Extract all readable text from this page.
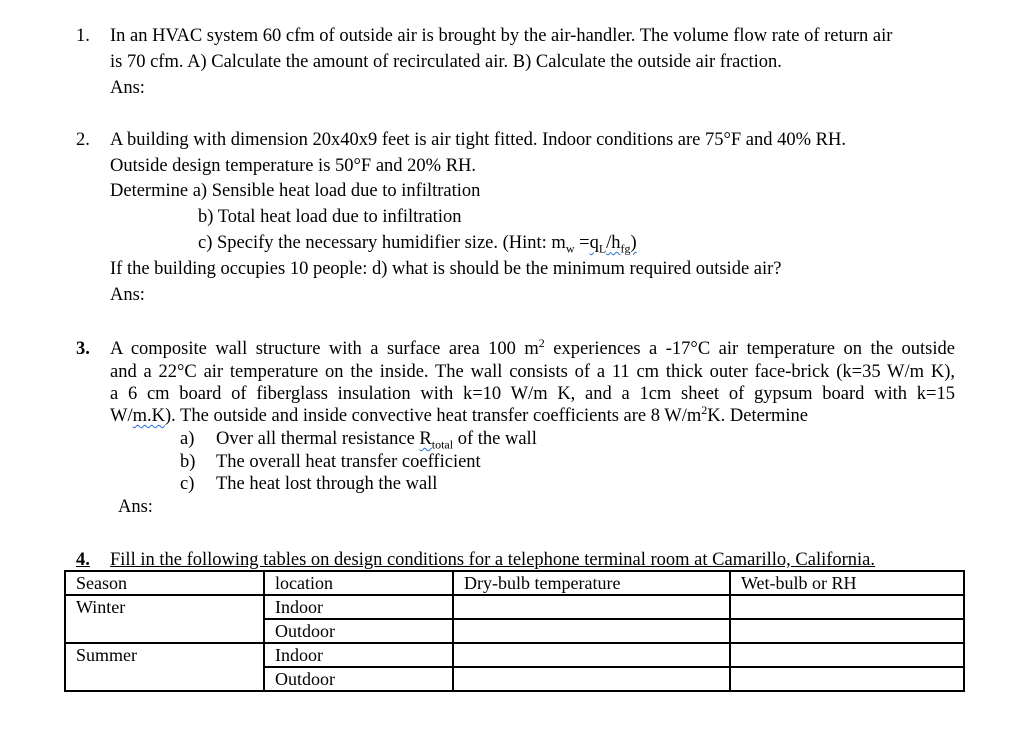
1. In an HVAC system 60 cfm of outside air is brought by the air-handler. The volume flow rate of return air
is 70 cfm. A) Calculate the amount of recirculated air. B) Calculate the outside air fraction.
Ans:
2. A building with dimension 20x40x9 feet is air tight fitted. Indoor conditions are 75°F and 40% RH.
Outside design temperature is 50°F and 20% RH.
Determine a) Sensible heat load due to infiltration
b) Total heat load due to infiltration
c) Specify the necessary humidifier size. (Hint: $m_w =q_L/h_{fg}$)
If the building occupies 10 people: d) what is should be the minimum required outside air?
Ans:
3. A composite wall structure with a surface area 100 $m^2$ experiences a -17°C air temperature on the outside
and a 22°C air temperature on the inside. The wall consists of a 11 cm thick outer face-brick (k=35 W/m K),
a 6 cm board of fiberglass insulation with k=10 W/m K, and a 1cm sheet of gypsum board with k=15
W/m.K). The outside and inside convective heat transfer coefficients are 8 $W/m^2K$. Determine
a) Over all thermal resistance $R_{total}$ of the wall
b) The overall heat transfer coefficient
c) The heat lost through the wall
Ans:
4. Fill in the following tables on design conditions for a telephone terminal room at Camarillo, California.
Season	location	Dry-bulb temperature	Wet-bulb or RH
Winter	Indoor		
	Outdoor		
Summer	Indoor		
	Outdoor		
